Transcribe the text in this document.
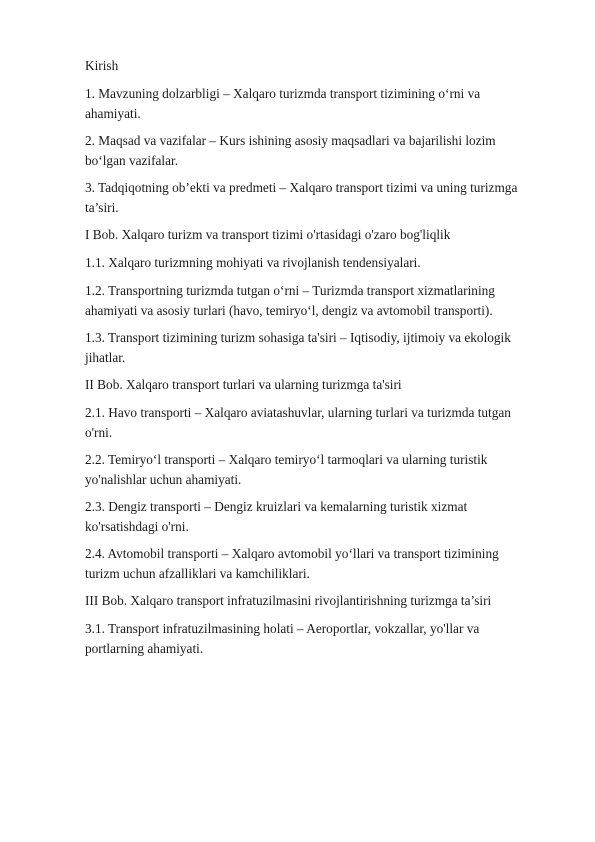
Kirish

1. Mavzuning dolzarbligi – Xalqaro turizmda transport tizimining o‘rni va
ahamiyati.

2. Maqsad va vazifalar – Kurs ishining asosiy maqsadlari va bajarilishi lozim
bo‘lgan vazifalar.

3. Tadqiqotning ob’ekti va predmeti – Xalqaro transport tizimi va uning turizmga
ta’siri.

I Bob. Xalqaro turizm va transport tizimi o'rtasidagi o'zaro bog'liqlik

1.1. Xalqaro turizmning mohiyati va rivojlanish tendensiyalari.

1.2. Transportning turizmda tutgan o‘rni – Turizmda transport xizmatlarining
ahamiyati va asosiy turlari (havo, temiryo‘l, dengiz va avtomobil transporti).

1.3. Transport tizimining turizm sohasiga ta'siri – Iqtisodiy, ijtimoiy va ekologik
jihatlar.

II Bob. Xalqaro transport turlari va ularning turizmga ta'siri

2.1. Havo transporti – Xalqaro aviatashuvlar, ularning turlari va turizmda tutgan
o'rni.

2.2. Temiryo‘l transporti – Xalqaro temiryo‘l tarmoqlari va ularning turistik
yo'nalishlar uchun ahamiyati.

2.3. Dengiz transporti – Dengiz kruizlari va kemalarning turistik xizmat
ko'rsatishdagi o'rni.

2.4. Avtomobil transporti – Xalqaro avtomobil yo‘llari va transport tizimining
turizm uchun afzalliklari va kamchiliklari.

III Bob. Xalqaro transport infratuzilmasini rivojlantirishning turizmga ta’siri

3.1. Transport infratuzilmasining holati – Aeroportlar, vokzallar, yo'llar va
portlarning ahamiyati.
